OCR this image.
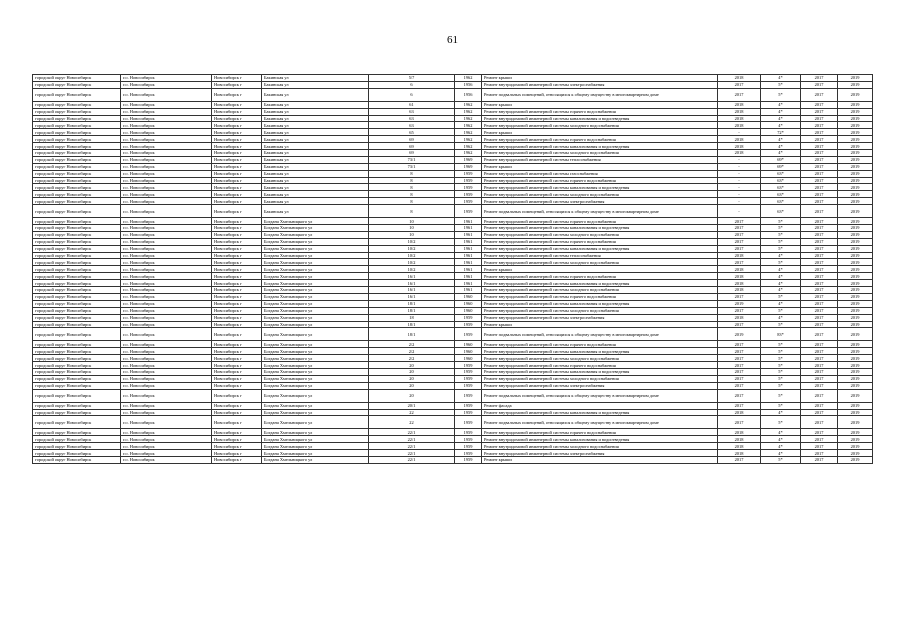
61
городской округ Новосибирск	г.о. Новосибирск	Новосибирск г	Бакинская ул	5/7	1962	Ремонт крыши	2018	4*	2017	2019
городской округ Новосибирск	г.о. Новосибирск	Новосибирск г	Бакинская ул	6	1956	Ремонт внутридомовой инженерной системы электроснабжения	2017	5*	2017	2019
городской округ Новосибирск	г.о. Новосибирск	Новосибирск г	Бакинская ул	6	1956	Ремонт подвальных помещений, относящихся к общему имуществу в многоквартирном доме	2017	5*	2017	2019
городской округ Новосибирск	г.о. Новосибирск	Новосибирск г	Бакинская ул	61	1962	Ремонт крыши	2018	4*	2017	2019
городской округ Новосибирск	г.о. Новосибирск	Новосибирск г	Бакинская ул	63	1962	Ремонт внутридомовой инженерной системы горячего водоснабжения	2018	4*	2017	2019
городской округ Новосибирск	г.о. Новосибирск	Новосибирск г	Бакинская ул	63	1962	Ремонт внутридомовой инженерной системы канализования и водоотведения	2018	4*	2017	2019
городской округ Новосибирск	г.о. Новосибирск	Новосибирск г	Бакинская ул	63	1962	Ремонт внутридомовой инженерной системы холодного водоснабжения	2018	4*	2017	2019
городской округ Новосибирск	г.о. Новосибирск	Новосибирск г	Бакинская ул	65	1962	Ремонт крыши	-	72*	2017	2019
городской округ Новосибирск	г.о. Новосибирск	Новосибирск г	Бакинская ул	69	1962	Ремонт внутридомовой инженерной системы горячего водоснабжения	2018	4*	2017	2019
городской округ Новосибирск	г.о. Новосибирск	Новосибирск г	Бакинская ул	69	1962	Ремонт внутридомовой инженерной системы канализования и водоотведения	2018	4*	2017	2019
городской округ Новосибирск	г.о. Новосибирск	Новосибирск г	Бакинская ул	69	1962	Ремонт внутридомовой инженерной системы холодного водоснабжения	2018	4*	2017	2019
городской округ Новосибирск	г.о. Новосибирск	Новосибирск г	Бакинская ул	73/1	1969	Ремонт внутридомовой инженерной системы теплоснабжения	-	69*	2017	2019
городской округ Новосибирск	г.о. Новосибирск	Новосибирск г	Бакинская ул	73/1	1969	Ремонт крыши	-	69*	2017	2019
городской округ Новосибирск	г.о. Новосибирск	Новосибирск г	Бакинская ул	8	1959	Ремонт внутридомовой инженерной системы газоснабжения	-	63*	2017	2019
городской округ Новосибирск	г.о. Новосибирск	Новосибирск г	Бакинская ул	8	1959	Ремонт внутридомовой инженерной системы горячего водоснабжения	-	63*	2017	2019
городской округ Новосибирск	г.о. Новосибирск	Новосибирск г	Бакинская ул	8	1959	Ремонт внутридомовой инженерной системы канализования и водоотведения	-	63*	2017	2019
городской округ Новосибирск	г.о. Новосибирск	Новосибирск г	Бакинская ул	8	1959	Ремонт внутридомовой инженерной системы холодного водоснабжения	-	63*	2017	2019
городской округ Новосибирск	г.о. Новосибирск	Новосибирск г	Бакинская ул	8	1959	Ремонт внутридомовой инженерной системы электроснабжения	-	63*	2017	2019
городской округ Новосибирск	г.о. Новосибирск	Новосибирск г	Бакинская ул	8	1959	Ремонт подвальных помещений, относящихся к общему имуществу в многоквартирном доме	-	63*	2017	2019
городской округ Новосибирск	г.о. Новосибирск	Новосибирск г	Богдана Хмельницкого ул	10	1961	Ремонт внутридомовой инженерной системы горячего водоснабжения	2017	5*	2017	2019
городской округ Новосибирск	г.о. Новосибирск	Новосибирск г	Богдана Хмельницкого ул	10	1961	Ремонт внутридомовой инженерной системы канализования и водоотведения	2017	5*	2017	2019
городской округ Новосибирск	г.о. Новосибирск	Новосибирск г	Богдана Хмельницкого ул	10	1961	Ремонт внутридомовой инженерной системы холодного водоснабжения	2017	5*	2017	2019
городской округ Новосибирск	г.о. Новосибирск	Новосибирск г	Богдана Хмельницкого ул	10/2	1961	Ремонт внутридомовой инженерной системы горячего водоснабжения	2017	5*	2017	2019
городской округ Новосибирск	г.о. Новосибирск	Новосибирск г	Богдана Хмельницкого ул	10/2	1961	Ремонт внутридомовой инженерной системы канализования и водоотведения	2017	5*	2017	2019
городской округ Новосибирск	г.о. Новосибирск	Новосибирск г	Богдана Хмельницкого ул	10/2	1961	Ремонт внутридомовой инженерной системы теплоснабжения	2018	4*	2017	2019
городской округ Новосибирск	г.о. Новосибирск	Новосибирск г	Богдана Хмельницкого ул	10/2	1961	Ремонт внутридомовой инженерной системы холодного водоснабжения	2017	5*	2017	2019
городской округ Новосибирск	г.о. Новосибирск	Новосибирск г	Богдана Хмельницкого ул	10/2	1961	Ремонт крыши	2018	4*	2017	2019
городской округ Новосибирск	г.о. Новосибирск	Новосибирск г	Богдана Хмельницкого ул	16/1	1961	Ремонт внутридомовой инженерной системы горячего водоснабжения	2018	4*	2017	2019
городской округ Новосибирск	г.о. Новосибирск	Новосибирск г	Богдана Хмельницкого ул	16/1	1961	Ремонт внутридомовой инженерной системы канализования и водоотведения	2018	4*	2017	2019
городской округ Новосибирск	г.о. Новосибирск	Новосибирск г	Богдана Хмельницкого ул	16/1	1961	Ремонт внутридомовой инженерной системы холодного водоснабжения	2018	4*	2017	2019
городской округ Новосибирск	г.о. Новосибирск	Новосибирск г	Богдана Хмельницкого ул	16/1	1960	Ремонт внутридомовой инженерной системы горячего водоснабжения	2017	5*	2017	2019
городской округ Новосибирск	г.о. Новосибирск	Новосибирск г	Богдана Хмельницкого ул	18/1	1960	Ремонт внутридомовой инженерной системы канализования и водоотведения	2019	4*	2017	2019
городской округ Новосибирск	г.о. Новосибирск	Новосибирск г	Богдана Хмельницкого ул	18/1	1960	Ремонт внутридомовой инженерной системы холодного водоснабжения	2017	5*	2017	2019
городской округ Новосибирск	г.о. Новосибирск	Новосибирск г	Богдана Хмельницкого ул	18	1959	Ремонт внутридомовой инженерной системы электроснабжения	2018	4*	2017	2019
городской округ Новосибирск	г.о. Новосибирск	Новосибирск г	Богдана Хмельницкого ул	18/1	1959	Ремонт крыши	2017	5*	2017	2019
городской округ Новосибирск	г.о. Новосибирск	Новосибирск г	Богдана Хмельницкого ул	18/1	1959	Ремонт подвальных помещений, относящихся к общему имуществу в многоквартирном доме	2019	83*	2017	2019
городской округ Новосибирск	г.о. Новосибирск	Новосибирск г	Богдана Хмельницкого ул	2/2	1960	Ремонт внутридомовой инженерной системы горячего водоснабжения	2017	5*	2017	2019
городской округ Новосибирск	г.о. Новосибирск	Новосибирск г	Богдана Хмельницкого ул	2/2	1960	Ремонт внутридомовой инженерной системы канализования и водоотведения	2017	5*	2017	2019
городской округ Новосибирск	г.о. Новосибирск	Новосибирск г	Богдана Хмельницкого ул	2/2	1960	Ремонт внутридомовой инженерной системы холодного водоснабжения	2017	5*	2017	2019
городской округ Новосибирск	г.о. Новосибирск	Новосибирск г	Богдана Хмельницкого ул	20	1959	Ремонт внутридомовой инженерной системы горячего водоснабжения	2017	5*	2017	2019
городской округ Новосибирск	г.о. Новосибирск	Новосибирск г	Богдана Хмельницкого ул	20	1959	Ремонт внутридомовой инженерной системы канализования и водоотведения	2017	5*	2017	2019
городской округ Новосибирск	г.о. Новосибирск	Новосибирск г	Богдана Хмельницкого ул	20	1959	Ремонт внутридомовой инженерной системы холодного водоснабжения	2017	5*	2017	2019
городской округ Новосибирск	г.о. Новосибирск	Новосибирск г	Богдана Хмельницкого ул	20	1959	Ремонт внутридомовой инженерной системы электроснабжения	2017	5*	2017	2019
городской округ Новосибирск	г.о. Новосибирск	Новосибирск г	Богдана Хмельницкого ул	20	1959	Ремонт подвальных помещений, относящихся к общему имуществу в многоквартирном доме	2017	5*	2017	2019
городской округ Новосибирск	г.о. Новосибирск	Новосибирск г	Богдана Хмельницкого ул	20/1	1959	Ремонт фасада	2017	5*	2017	2019
городской округ Новосибирск	г.о. Новосибирск	Новосибирск г	Богдана Хмельницкого ул	22	1959	Ремонт внутридомовой инженерной системы канализования и водоотведения	2018	4*	2017	2019
городской округ Новосибирск	г.о. Новосибирск	Новосибирск г	Богдана Хмельницкого ул	22	1959	Ремонт подвальных помещений, относящихся к общему имуществу в многоквартирном доме	2017	5*	2017	2019
городской округ Новосибирск	г.о. Новосибирск	Новосибирск г	Богдана Хмельницкого ул	22/1	1959	Ремонт внутридомовой инженерной системы горячего водоснабжения	2018	4*	2017	2019
городской округ Новосибирск	г.о. Новосибирск	Новосибирск г	Богдана Хмельницкого ул	22/1	1959	Ремонт внутридомовой инженерной системы канализования и водоотведения	2018	4*	2017	2019
городской округ Новосибирск	г.о. Новосибирск	Новосибирск г	Богдана Хмельницкого ул	22/1	1959	Ремонт внутридомовой инженерной системы холодного водоснабжения	2018	4*	2017	2019
городской округ Новосибирск	г.о. Новосибирск	Новосибирск г	Богдана Хмельницкого ул	22/1	1959	Ремонт внутридомовой инженерной системы электроснабжения	2018	4*	2017	2019
городской округ Новосибирск	г.о. Новосибирск	Новосибирск г	Богдана Хмельницкого ул	22/1	1959	Ремонт крыши	2017	5*	2017	2019
